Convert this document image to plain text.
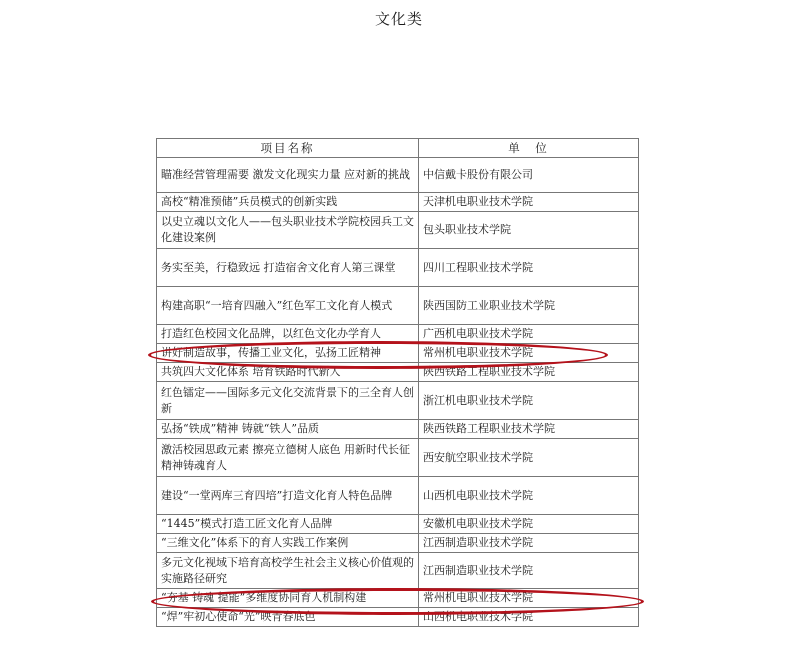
文化类
项目名称	单　位
瞄准经营管理需要 激发文化现实力量 应对新的挑战	中信戴卡股份有限公司
高校“精准预储”兵员模式的创新实践	天津机电职业技术学院
以史立魂以文化人——包头职业技术学院校园兵工文化建设案例	包头职业技术学院
务实至美，行稳致远 打造宿舍文化育人第三课堂	四川工程职业技术学院
构建高职“一培育四融入”红色军工文化育人模式	陕西国防工业职业技术学院
打造红色校园文化品牌，以红色文化办学育人	广西机电职业技术学院
讲好制造故事，传播工业文化，弘扬工匠精神	常州机电职业技术学院
共筑四大文化体系 培育铁路时代新人	陕西铁路工程职业技术学院
红色镭定——国际多元文化交流背景下的三全育人创新	浙江机电职业技术学院
弘扬“铁成”精神 铸就“铁人”品质	陕西铁路工程职业技术学院
激活校园思政元素 擦亮立德树人底色 用新时代长征精神铸魂育人	西安航空职业技术学院
建设“一堂两库三育四培”打造文化育人特色品牌	山西机电职业技术学院
“1445”模式打造工匠文化育人品牌	安徽机电职业技术学院
“三维文化”体系下的育人实践工作案例	江西制造职业技术学院
多元文化视域下培育高校学生社会主义核心价值观的实施路径研究	江西制造职业技术学院
“夯基 铸魂 提能”多维度协同育人机制构建	常州机电职业技术学院
“焊”牢初心使命“光”映青春底色	山西机电职业技术学院
